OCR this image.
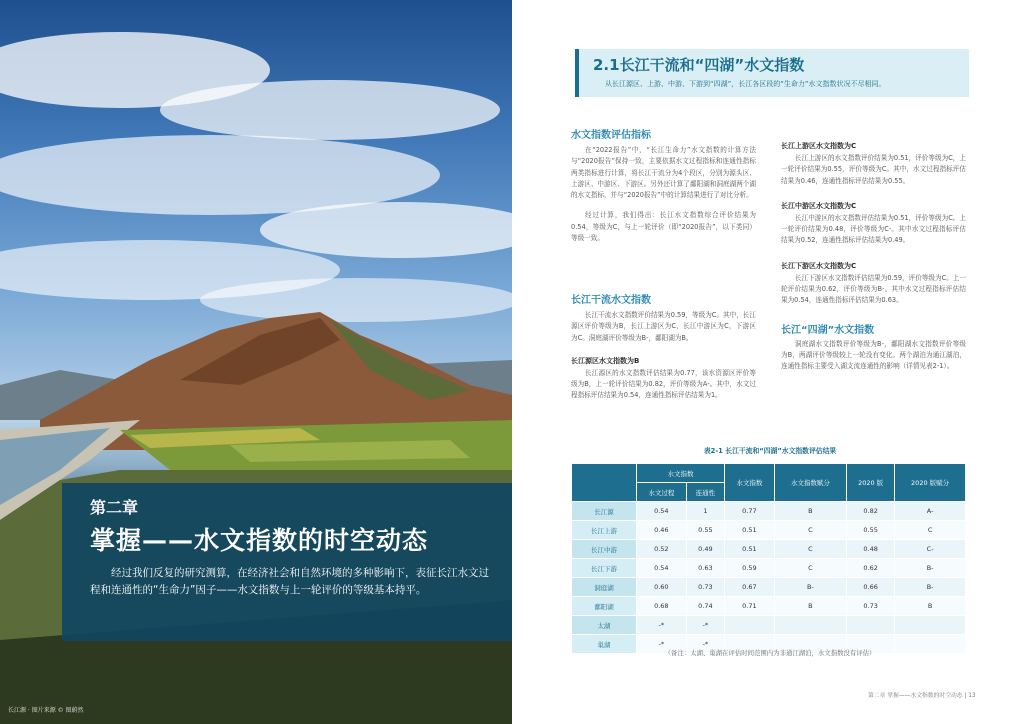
第二章
掌握——水文指数的时空动态

经过我们反复的研究测算，在经济社会和自然环境的多种影响下，表征长江水文过程和连通性的“生命力”因子——水文指数与上一轮评价的等级基本持平。

长江源 · 图片来源 © 图蔚然
2.1长江干流和“四湖”水文指数
从长江源区、上游、中游、下游到“四湖”，长江各区段的“生命力”水文指数状况不尽相同。
水文指数评估指标

在“2022报告”中，“长江生命力”水文指数的计算方法与“2020报告”保持一致，主要依据水文过程指标和连通性指标两类指标进行计算，将长江干流分为4个段区，分别为源头区、上游区、中游区、下游区。另外还计算了鄱阳湖和洞庭湖两个湖的水文指标，并与“2020报告”中的计算结果进行了对比分析。

经过计算，我们得出：长江水文指数综合评价结果为0.54，等级为C，与上一轮评价（即“2020报告”，以下类同）等级一致。

长江干流水文指数

长江干流水文指数评价结果为0.59，等级为C。其中，长江源区评价等级为B，长江上游区为C，长江中游区为C，下游区为C。洞庭湖评价等级为B-，鄱阳湖为B。

长江源区水文指数为B

长江源区的水文指数评估结果为0.77，该水资源区评价等级为B，上一轮评价结果为0.82，评价等级为A-。其中，水文过程指标评估结果为0.54，连通性指标评估结果为1。

长江上游区水文指数为C

长江上游区的水文指数评价结果为0.51，评价等级为C，上一轮评价结果为0.55，评价等级为C。其中，水文过程指标评估结果为0.46，连通性指标评估结果为0.55。

长江中游区水文指数为C

长江中游区的水文指数评估结果为0.51，评价等级为C。上一轮评价结果为0.48，评价等级为C-。其中水文过程指标评估结果为0.52，连通性指标评估结果为0.49。

长江下游区水文指数为C

长江下游区水文指数评估结果为0.59，评价等级为C。上一轮评价结果为0.62，评价等级为B-。其中水文过程指标评估结果为0.54，连通性指标评估结果为0.63。

长江“四湖”水文指数

洞庭湖水文指数评价等级为B-，鄱阳湖水文指数评价等级为B，两湖评价等级较上一轮没有变化。两个湖泊为通江湖泊，连通性指标主要受入湖支流连通性的影响（详情见表2-1）。

表2-1 长江干流和“四湖”水文指数评估结果
	水文指数		水文指数	水文指数赋分	2020 版	2020 版赋分
	水文过程	连通性				
长江源	0.54	1	0.77	B	0.82	A-
长江上游	0.46	0.55	0.51	C	0.55	C
长江中游	0.52	0.49	0.51	C	0.48	C-
长江下游	0.54	0.63	0.59	C	0.62	B-
洞庭湖	0.60	0.73	0.67	B-	0.66	B-
鄱阳湖	0.68	0.74	0.71	B	0.73	B
太湖	-*	-*				
巢湖	-*	-*				
（备注：太湖、巢湖在评估时间范围内为非通江湖泊，水文指数没有评估）
第二章 掌握——水文指数的时空动态 | 13
